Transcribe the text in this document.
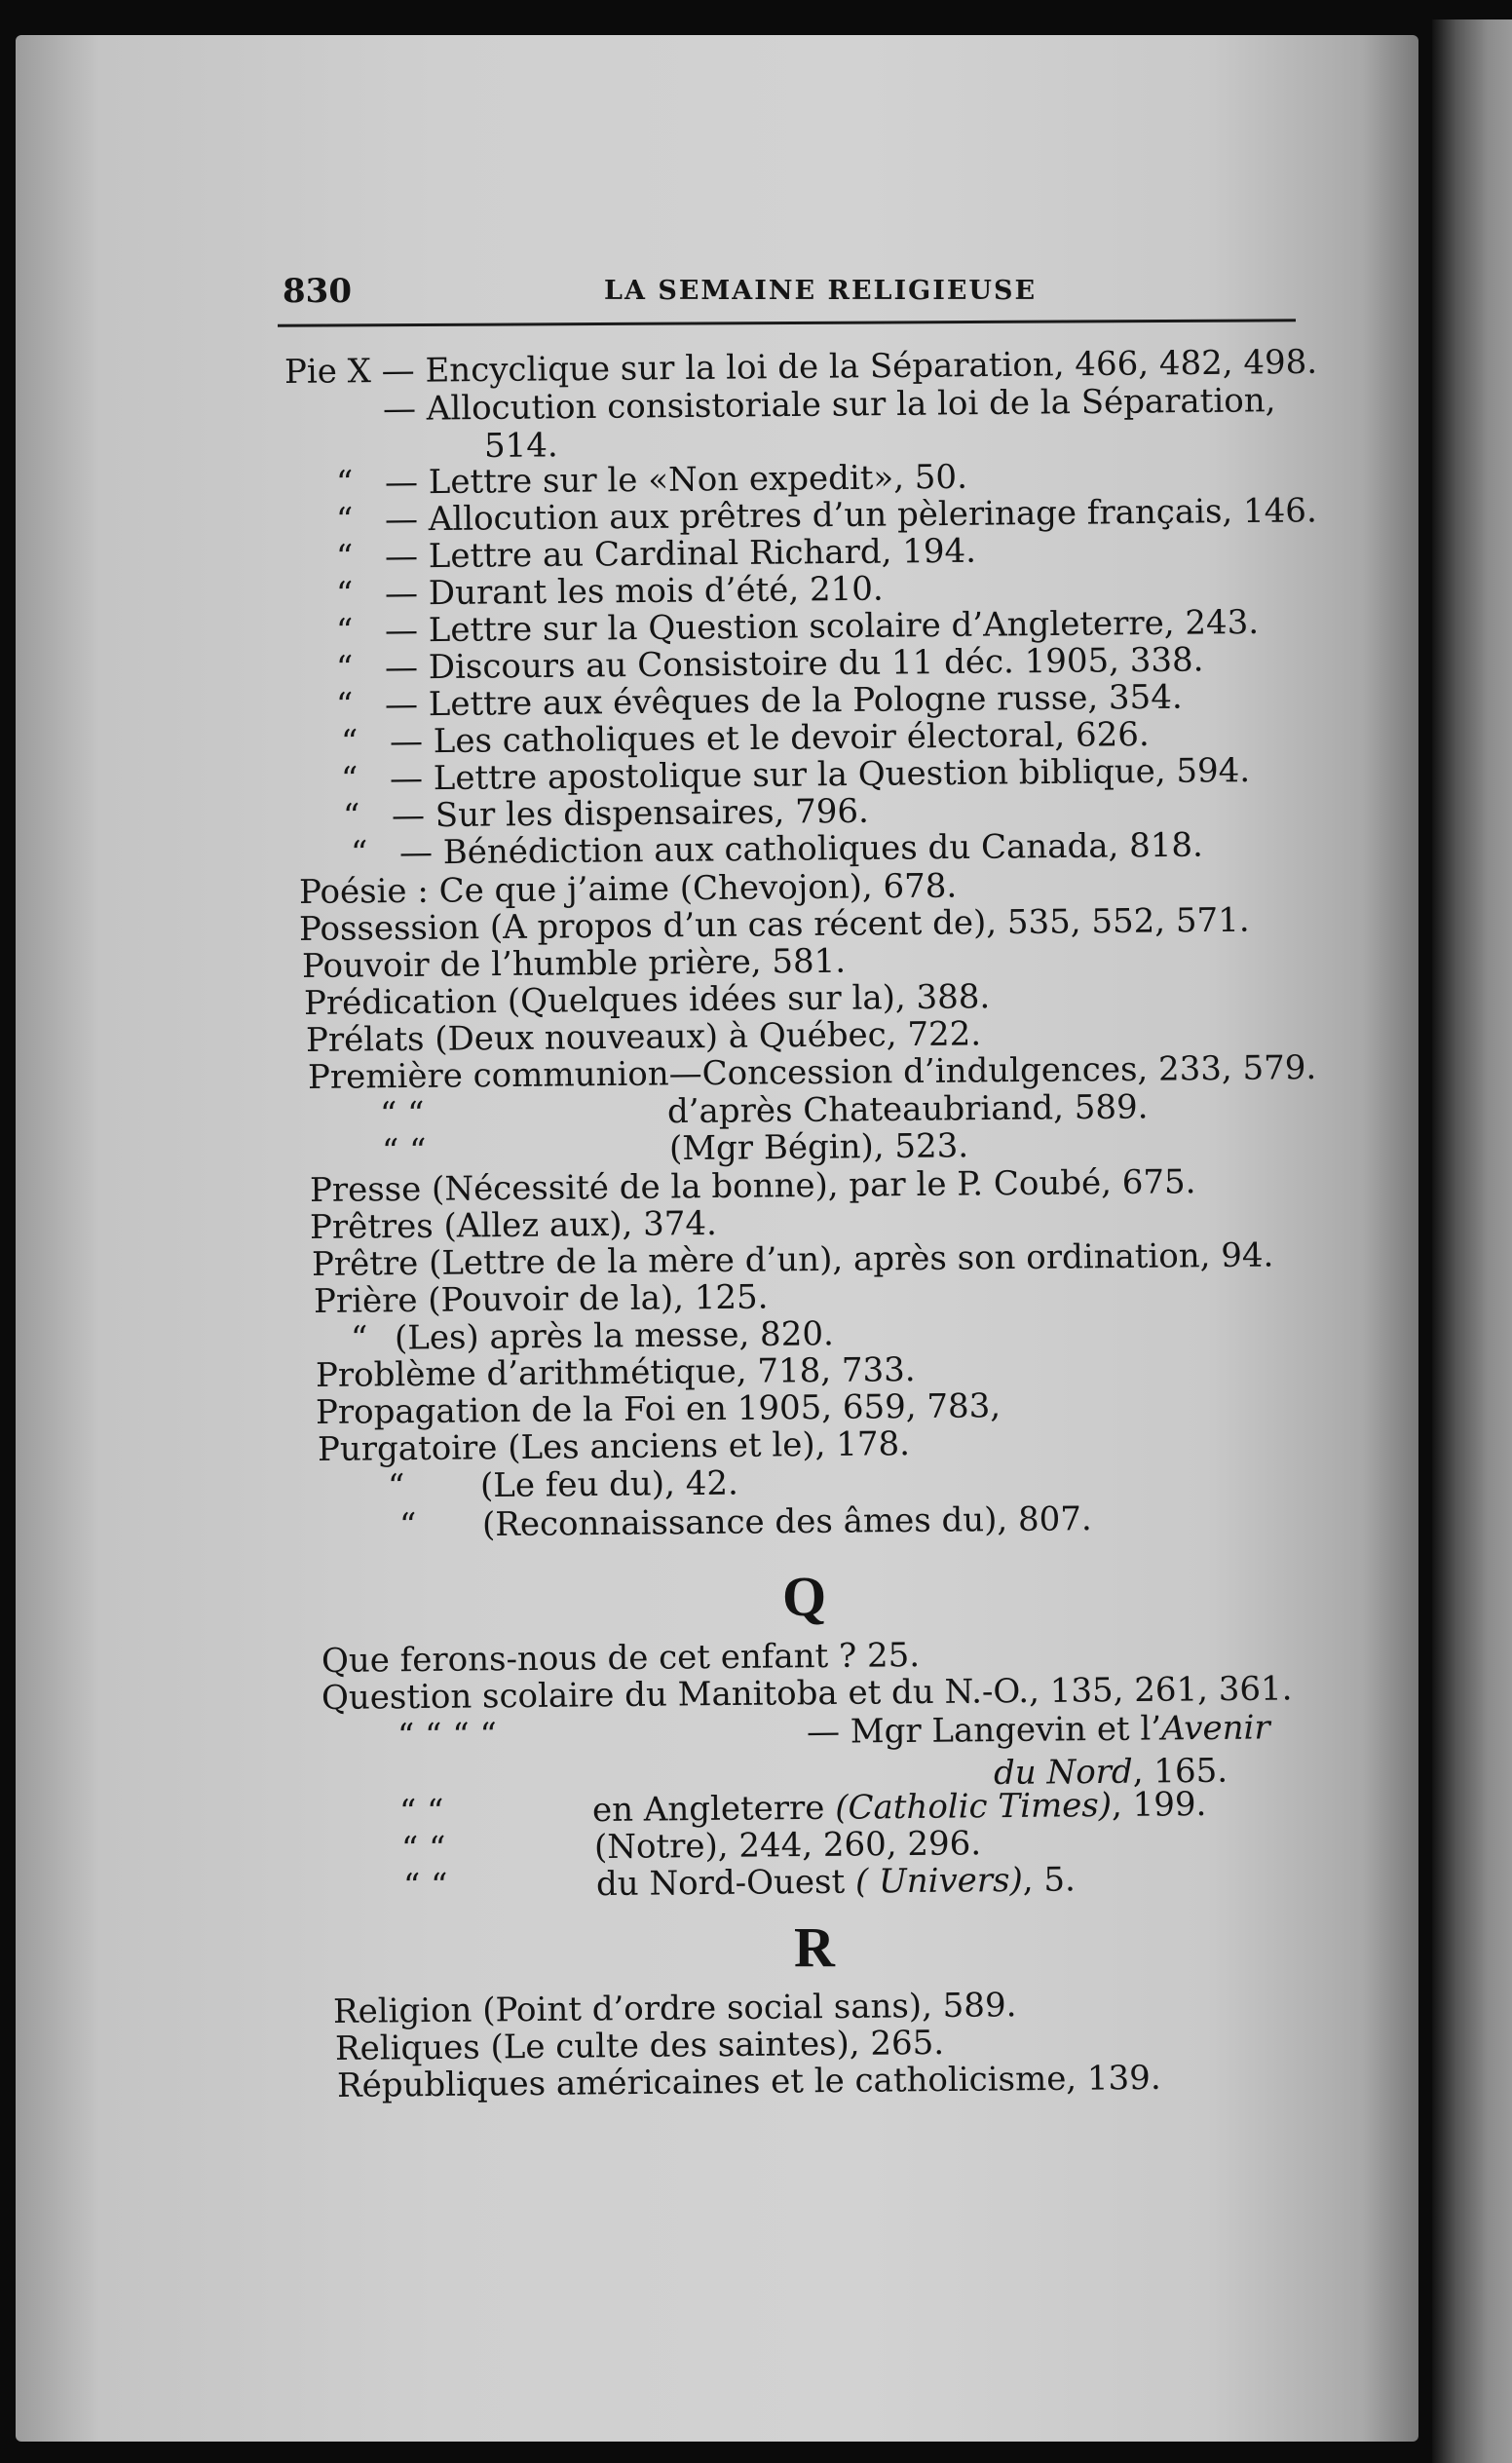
830	LA SEMAINE RELIGIEUSE
Pie X — Encyclique sur la loi de la Séparation, 466, 482, 498.
— Allocution consistoriale sur la loi de la Séparation,
514.
“ — Lettre sur le «Non expedit», 50.
“ — Allocution aux prêtres d’un pèlerinage français, 146.
“ — Lettre au Cardinal Richard, 194.
“ — Durant les mois d’été, 210.
“ — Lettre sur la Question scolaire d’Angleterre, 243.
“ — Discours au Consistoire du 11 déc. 1905, 338.
“ — Lettre aux évêques de la Pologne russe, 354.
“ — Les catholiques et le devoir électoral, 626.
“ — Lettre apostolique sur la Question biblique, 594.
“ — Sur les dispensaires, 796.
“ — Bénédiction aux catholiques du Canada, 818.
Poésie : Ce que j’aime (Chevojon), 678.
Possession (A propos d’un cas récent de), 535, 552, 571.
Pouvoir de l’humble prière, 581.
Prédication (Quelques idées sur la), 388.
Prélats (Deux nouveaux) à Québec, 722.
Première communion—Concession d’indulgences, 233, 579.
“ “	d’après Chateaubriand, 589.
“ “	(Mgr Bégin), 523.
Presse (Nécessité de la bonne), par le P. Coubé, 675.
Prêtres (Allez aux), 374.
Prêtre (Lettre de la mère d’un), après son ordination, 94.
Prière (Pouvoir de la), 125.
“ (Les) après la messe, 820.
Problème d’arithmétique, 718, 733.
Propagation de la Foi en 1905, 659, 783,
Purgatoire (Les anciens et le), 178.
“ (Le feu du), 42.
“ (Reconnaissance des âmes du), 807.
Q
Que ferons-nous de cet enfant ? 25.
Question scolaire du Manitoba et du N.-O., 135, 261, 361.
“ “ “ “	— Mgr Langevin et l’Avenir
du Nord, 165.
“ “	en Angleterre (Catholic Times), 199.
“ “	(Notre), 244, 260, 296.
“ “	du Nord-Ouest ( Univers), 5.
R
Religion (Point d’ordre social sans), 589.
Reliques (Le culte des saintes), 265.
Républiques américaines et le catholicisme, 139.
